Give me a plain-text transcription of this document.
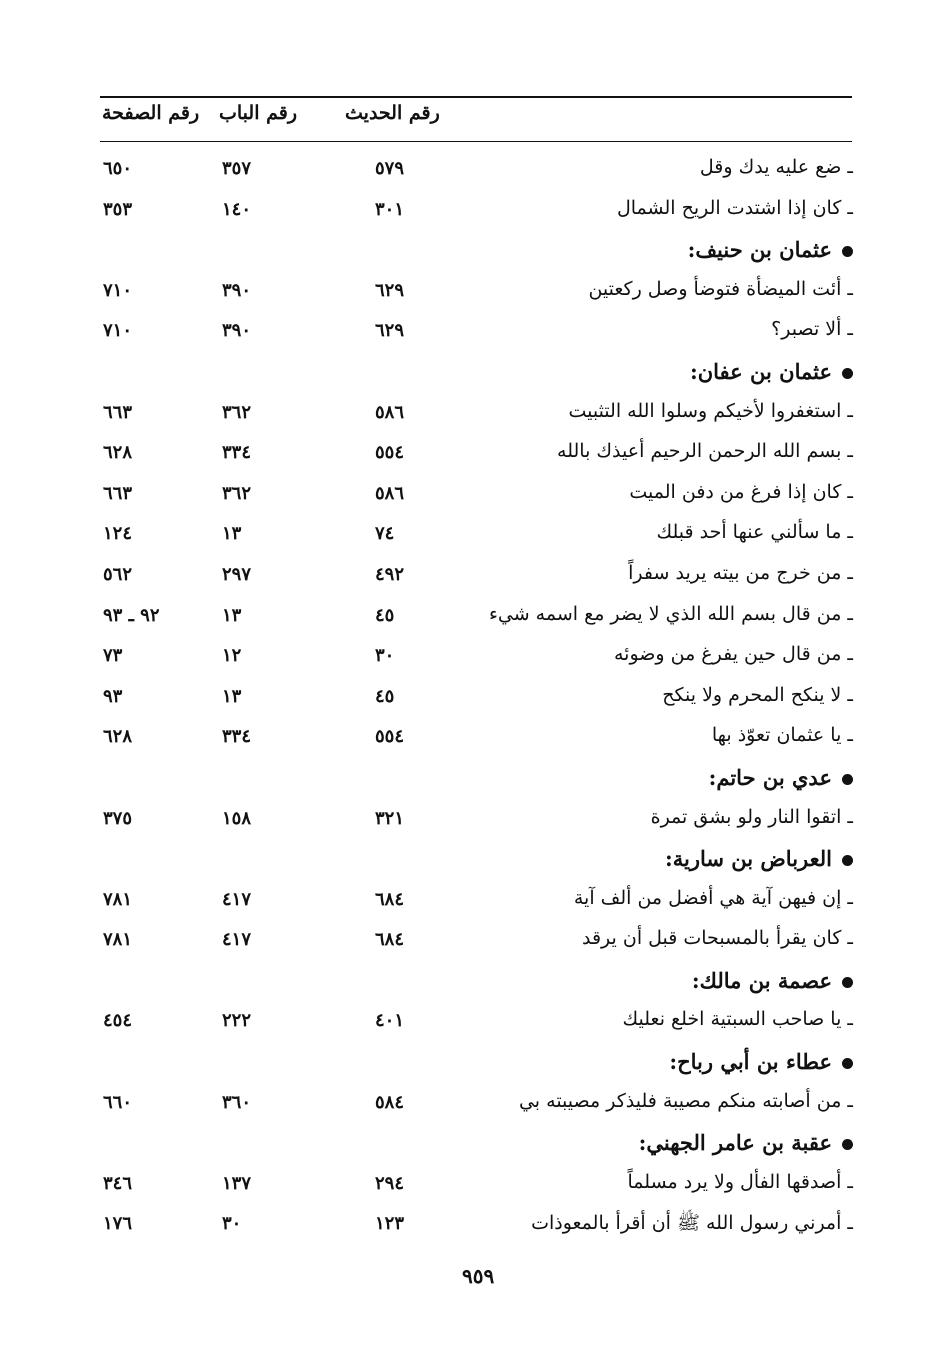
رقم الحديث
رقم الباب
رقم الصفحة
ـ ضع عليه يدك وقل
٥٧٩
٣٥٧
٦٥٠
ـ كان إذا اشتدت الريح الشمال
٣٠١
١٤٠
٣٥٣
عثمان بن حنيف:
ـ أئت الميضأة فتوضأ وصل ركعتين
٦٢٩
٣٩٠
٧١٠
ـ ألا تصبر؟
٦٢٩
٣٩٠
٧١٠
عثمان بن عفان:
ـ استغفروا لأخيكم وسلوا الله التثبيت
٥٨٦
٣٦٢
٦٦٣
ـ بسم الله الرحمن الرحيم أعيذك بالله
٥٥٤
٣٣٤
٦٢٨
ـ كان إذا فرغ من دفن الميت
٥٨٦
٣٦٢
٦٦٣
ـ ما سألني عنها أحد قبلك
٧٤
١٣
١٢٤
ـ من خرج من بيته يريد سفراً
٤٩٢
٢٩٧
٥٦٢
ـ من قال بسم الله الذي لا يضر مع اسمه شيء
٤٥
١٣
٩٢ ـ ٩٣
ـ من قال حين يفرغ من وضوئه
٣٠
١٢
٧٣
ـ لا ينكح المحرم ولا ينكح
٤٥
١٣
٩٣
ـ يا عثمان تعوّذ بها
٥٥٤
٣٣٤
٦٢٨
عدي بن حاتم:
ـ اتقوا النار ولو بشق تمرة
٣٢١
١٥٨
٣٧٥
العرباض بن سارية:
ـ إن فيهن آية هي أفضل من ألف آية
٦٨٤
٤١٧
٧٨١
ـ كان يقرأ بالمسبحات قبل أن يرقد
٦٨٤
٤١٧
٧٨١
عصمة بن مالك:
ـ يا صاحب السبتية اخلع نعليك
٤٠١
٢٢٢
٤٥٤
عطاء بن أبي رباح:
ـ من أصابته منكم مصيبة فليذكر مصيبته بي
٥٨٤
٣٦٠
٦٦٠
عقبة بن عامر الجهني:
ـ أصدقها الفأل ولا يرد مسلماً
٢٩٤
١٣٧
٣٤٦
ـ أمرني رسول الله ﷺ أن أقرأ بالمعوذات
١٢٣
٣٠
١٧٦
٩٥٩
